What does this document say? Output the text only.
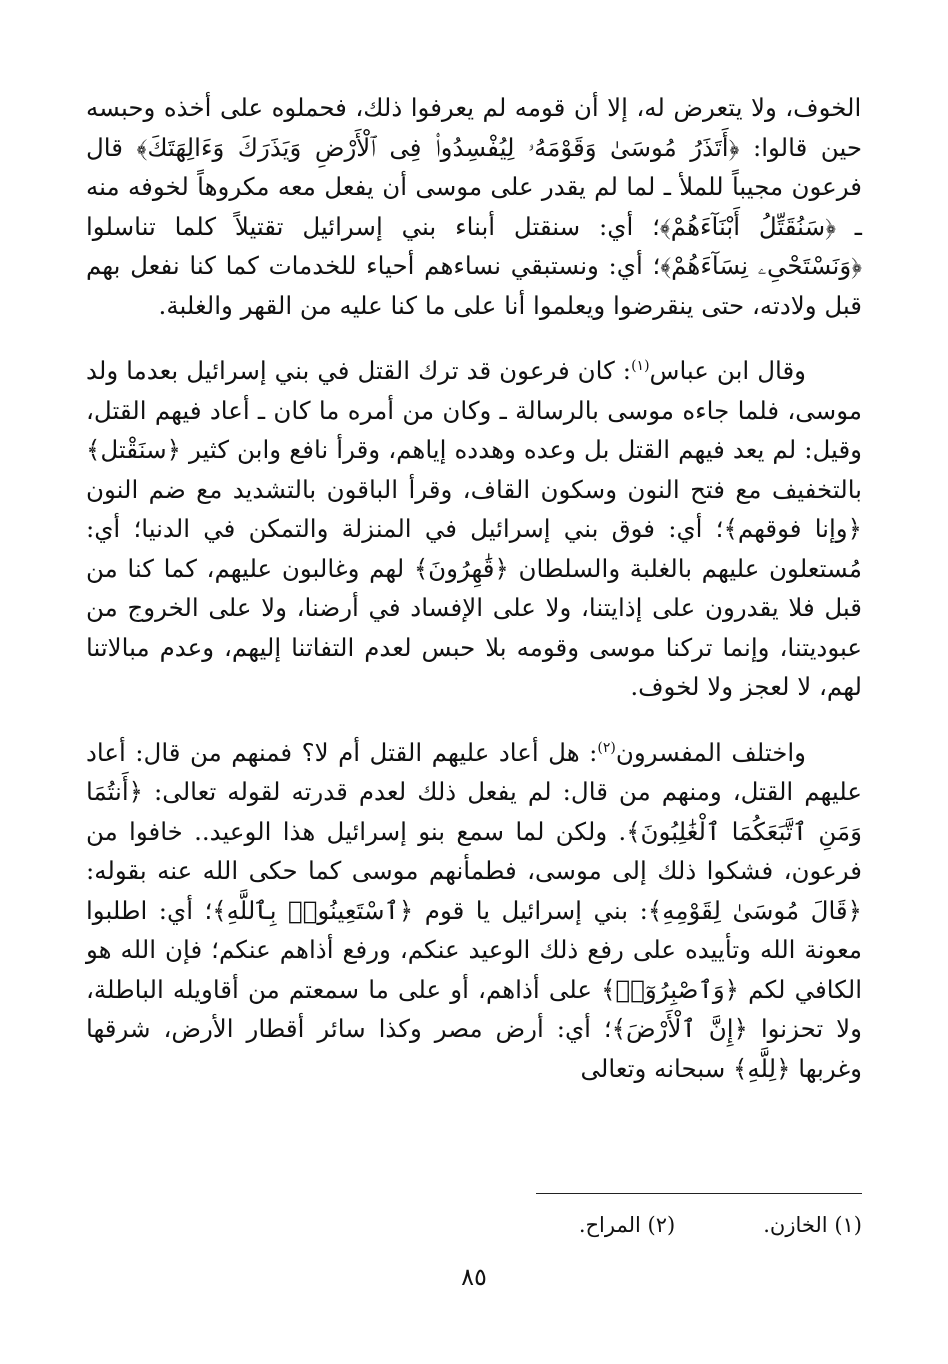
الخوف، ولا يتعرض له، إلا أن قومه لم يعرفوا ذلك، فحملوه على أخذه وحبسه حين قالوا: ﴿أَتَذَرُ مُوسَىٰ وَقَوْمَهُۥ لِيُفْسِدُوا۟ فِى ٱلْأَرْضِ وَيَذَرَكَ وَءَالِهَتَكَ﴾ قال فرعون مجيباً للملأ ـ لما لم يقدر على موسى أن يفعل معه مكروهاً لخوفه منه ـ ﴿سَنُقَتِّلُ أَبْنَآءَهُمْ﴾؛ أي: سنقتل أبناء بني إسرائيل تقتيلاً كلما تناسلوا ﴿وَنَسْتَحْىِۦ نِسَآءَهُمْ﴾؛ أي: ونستبقي نساءهم أحياء للخدمات كما كنا نفعل بهم قبل ولادته، حتى ينقرضوا ويعلموا أنا على ما كنا عليه من القهر والغلبة.

وقال ابن عباس$^{(١)}$: كان فرعون قد ترك القتل في بني إسرائيل بعدما ولد موسى، فلما جاءه موسى بالرسالة ـ وكان من أمره ما كان ـ أعاد فيهم القتل، وقيل: لم يعد فيهم القتل بل وعده وهدده إياهم، وقرأ نافع وابن كثير ﴿سنَقْتل﴾ بالتخفيف مع فتح النون وسكون القاف، وقرأ الباقون بالتشديد مع ضم النون ﴿وإنا فوقهم﴾؛ أي: فوق بني إسرائيل في المنزلة والتمكن في الدنيا؛ أي: مُستعلون عليهم بالغلبة والسلطان ﴿قَٰهِرُونَ﴾ لهم وغالبون عليهم، كما كنا من قبل فلا يقدرون على إذايتنا، ولا على الإفساد في أرضنا، ولا على الخروج من عبوديتنا، وإنما تركنا موسى وقومه بلا حبس لعدم التفاتنا إليهم، وعدم مبالاتنا لهم، لا لعجز ولا لخوف.

واختلف المفسرون$^{(٢)}$: هل أعاد عليهم القتل أم لا؟ فمنهم من قال: أعاد عليهم القتل، ومنهم من قال: لم يفعل ذلك لعدم قدرته لقوله تعالى: ﴿أَنتُمَا وَمَنِ ٱتَّبَعَكُمَا ٱلْغَٰلِبُونَ﴾. ولكن لما سمع بنو إسرائيل هذا الوعيد.. خافوا من فرعون، فشكوا ذلك إلى موسى، فطمأنهم موسى كما حكى الله عنه بقوله: ﴿قَالَ مُوسَىٰ لِقَوْمِهِ﴾: بني إسرائيل يا قوم ﴿ٱسْتَعِينُوا۟ بِٱللَّهِ﴾؛ أي: اطلبوا معونة الله وتأييده على رفع ذلك الوعيد عنكم، ورفع أذاهم عنكم؛ فإن الله هو الكافي لكم ﴿وَٱصْبِرُوٓا۟﴾ على أذاهم، أو على ما سمعتم من أقاويله الباطلة، ولا تحزنوا ﴿إِنَّ ٱلْأَرْضَ﴾؛ أي: أرض مصر وكذا سائر أقطار الأرض، شرقها وغربها ﴿لِلَّهِ﴾ سبحانه وتعالى

(١) الخازن.
(٢) المراح.
٨٥
